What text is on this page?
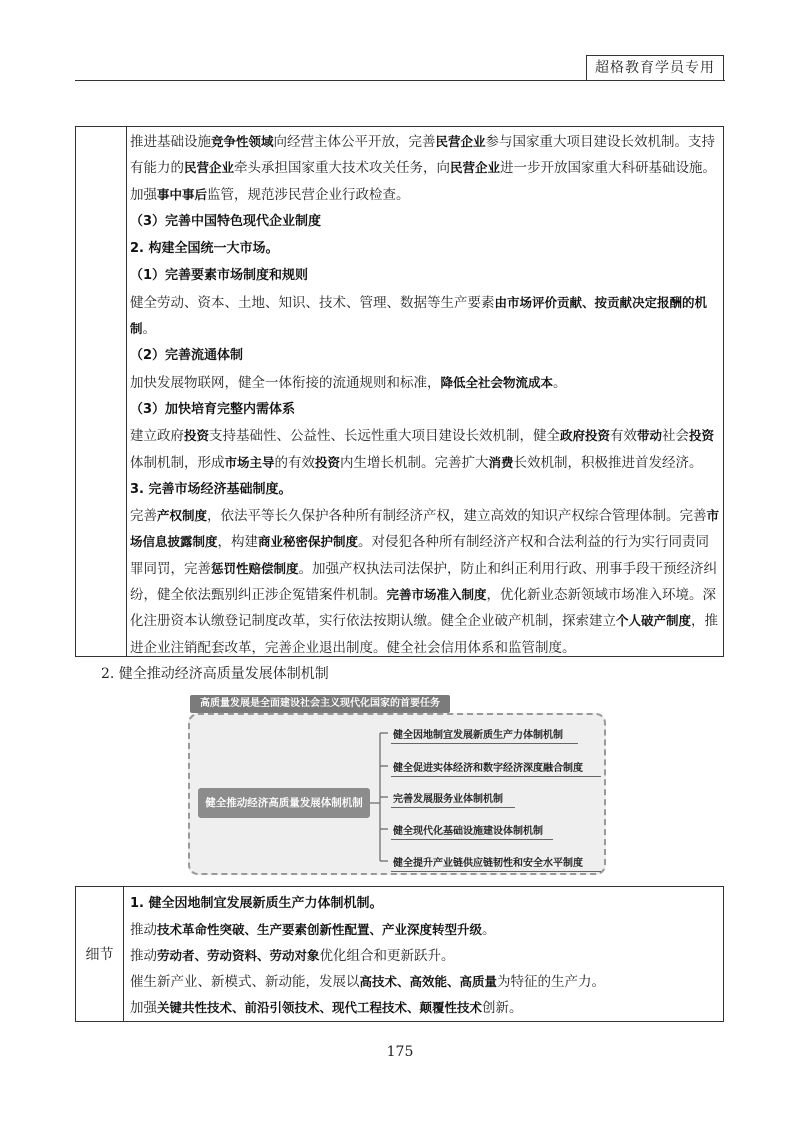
超格教育学员专用

推进基础设施竞争性领域向经营主体公平开放，完善民营企业参与国家重大项目建设长效机制。支持

有能力的民营企业牵头承担国家重大技术攻关任务，向民营企业进一步开放国家重大科研基础设施。

加强事中事后监管，规范涉民营企业行政检查。

（3）完善中国特色现代企业制度

2. 构建全国统一大市场。

（1）完善要素市场制度和规则

健全劳动、资本、土地、知识、技术、管理、数据等生产要素由市场评价贡献、按贡献决定报酬的机

制。

（2）完善流通体制

加快发展物联网，健全一体衔接的流通规则和标准，降低全社会物流成本。

（3）加快培育完整内需体系

建立政府投资支持基础性、公益性、长远性重大项目建设长效机制，健全政府投资有效带动社会投资

体制机制，形成市场主导的有效投资内生增长机制。完善扩大消费长效机制，积极推进首发经济。

3. 完善市场经济基础制度。

完善产权制度，依法平等长久保护各种所有制经济产权，建立高效的知识产权综合管理体制。完善市

场信息披露制度，构建商业秘密保护制度。对侵犯各种所有制经济产权和合法利益的行为实行同责同

罪同罚，完善惩罚性赔偿制度。加强产权执法司法保护，防止和纠正利用行政、刑事手段干预经济纠

纷，健全依法甄别纠正涉企冤错案件机制。完善市场准入制度，优化新业态新领域市场准入环境。深

化注册资本认缴登记制度改革，实行依法按期认缴。健全企业破产机制，探索建立个人破产制度，推

进企业注销配套改革，完善企业退出制度。健全社会信用体系和监管制度。

2. 健全推动经济高质量发展体制机制
高质量发展是全面建设社会主义现代化国家的首要任务
健全推动经济高质量发展体制机制
健全因地制宜发展新质生产力体制机制
健全促进实体经济和数字经济深度融合制度
完善发展服务业体制机制
健全现代化基础设施建设体制机制
健全提升产业链供应链韧性和安全水平制度
细节

1. 健全因地制宜发展新质生产力体制机制。

推动技术革命性突破、生产要素创新性配置、产业深度转型升级。

推动劳动者、劳动资料、劳动对象优化组合和更新跃升。

催生新产业、新模式、新动能，发展以高技术、高效能、高质量为特征的生产力。

加强关键共性技术、前沿引领技术、现代工程技术、颠覆性技术创新。

175
